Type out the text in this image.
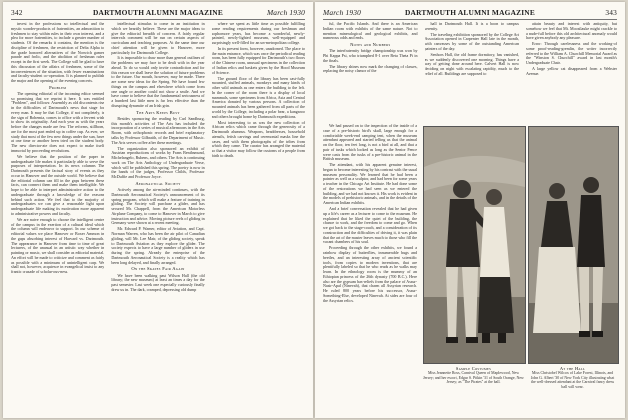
342	DARTMOUTH ALUMNI MAGAZINE	March 1930

invest in the professions so intellectual and the mystic wonder-products of fraternities, an admonition to freshmen to stay within rules in their own interest, and a plea for more fraternities, to include a greater number of students. Of the remarks it contains, the mention is the discipline of freshmen, the restriction of Delta Alpha to the grade honored alternatives of the Norwich games parade and frolic, and the abolition of freshman rules except in the first week. The College will be glad to have this discussion of the affairs of freshmen, some of the inconveniences of the situation, with fewer examinations and faculty-student co-operation. It is planned to publish the major and the opening of the evening concerts.

Problem

The opening editorial of the incoming editor seemed so promising that we reprint it here. It was entitled "Problem", and follows: Assembly as old discontents rise in the difficulties of Dartmouth's news that stage for every man. It may be that College, if not completely, is the sign of Bohemia, comes to office with a fervent wish to show its originality. And each year as with the years before the changes made are few. The reforms, stillborn, are for the most part ended up in coffee cup. As ever, we study that most of the few new things under the sun, have at one time or another been tried on the student body. The new director-ate does not expect to make itself immortal by proceeding revolutions.

We believe that the position of the paper in undergraduate life makes it particularly able to serve the purposes of interpretation. In its news columns The Dartmouth presents the factual story of events as they occur in Hanover and the outside world. We believe that the editorial column can fill in the gaps between these facts, can connect them and make them intelligible. We hope to be able to interpret administrative action to the undergraduate through a knowledge of the reasons behind such action. We feel that to the majority of undergraduates we can give a reasonable light upon undergraduate life making its motivation more apparent to administrative powers and faculty.

We are naive enough to choose the intelligent centre of the campus in the exertion of a cultural ideal which the column will endeavor to support. In our scheme of editorial values we place Hanover or Boxer Ammon in the gaps absorbing interest of Harvard vs. Dartmouth. The appearance in Hanover from time to time of great lecturers, of the unusual in an artistic way whether in painting or music, we shall consider as editorial material. An effort will be made to criticize and comment as fairly as possible with a minimum of unintelligent carp. We shall not, however, acquiesce in evangelical insist to any frantic crusade of scholar-ous-ness.

intellectual stimulus to come in an institution in which we heartily believe. These are the major ideas to give the editorial breadth of concern. A fairly regular intervals comment will be run on certain aspects of curriculum and teaching purposes. At the same time our chief attention will be given to Hanover, more particularly for Dartmouth College.

It is impossible to draw more than general outlines of the problems we may face to be dealt with in the year ahead. To do so would only invite contradiction and for this reason we shall leave the solution of future problems to the future. Our mouth, however, may be made. There are some new ideas for the Spring. We have found few things on the campus and elsewhere which come from one angle or another could not show a smile. And we have come to believe that the fundamental seriousness of a hundred last little men is far less effective than the disrupting dynamite of an Irish grin.

The Arts Keeps Busy

Besides sponsoring the reading by Carl Sandburg, this month's activities of The Arts has included the incorporation of a series of musical afternoons in the Arts Room, with orthophonic records and brief explanatory talks by Professor Gilbraith, of the Department of Music. The Arts serves coffee after these meetings.

The organization also sponsored an exhibit of Austrian reproductions of works by Frans Benthsmund, Michelangelo, Rubens, and others. The Arts is continuing work on The Arts Anthology of Undergraduate Verse, which will be published this spring. The poetry is now in the hands of the judges, Professor Childs, Professor McDuffie and Professor Joyce.

Aeronautical Society

Actively among the air-minded continues, with the Dartmouth Aeronautical Society's announcement of its spring program, which will make a feature of training in gliding. The Society will purchase a glider, and has secured Mr. Chappell, from the American Motorless Airplane Company, to come to Hanover in March to give instruction and advice. Moving picture reels of gliding in Germany were shown at a recent meeting.

Mr. Edward P. Warner, editor of Aviation, and Capt. Norman Warren, who has been the air pilot of Canadian gliding, will Mr. Lee Mair, of the gliding society, speak to Dartmouth Aviation as they explore the glider. The society expects to have a large number of gliders in use during the spring. Already the enterprise of the Dartmouth Aeronautical Society is a reality which has been long delayed, and finally arranged.

On the Skates Fair Again

We have been walking past Wilson Hall (the old library; the new museum) at least an times a day for the past semester. Last week one especially curiously finally drew us in. The dark, cramped, depressing old dump

where we spent as little time as possible fulfilling some reading requirements during our freshman and sophomore years, has become a wonderful, newly-painted, newly-lighted museum, well-equipped and surprisingly well-filled for an un-metropolitan college.

In its present form, however, unadorned. The place to the main entrance, which was once the periodical reading room, has been fully equipped for Dartmouth's two floors of the Chinese room, unusual specimens in the collection of Indian relics and baskets given by the Hood Museum of Science.

The ground floor of the library has been cast-fully mounted, stuffed animals, monkeys and many kinds of other wild animals as one enters the building to the left. In the corner of the room there is a display of local mammals, some specimens from Africa, Asia and Central America donated by various persons. A collection of mounted animals has been gathered from all parts of the world by the College, including a polar bear, a kangaroo and others brought home by Dartmouth expeditions.

Most interesting to us was the new collection of African relics which came through the generosity of a Dartmouth alumnus. Weapons, headdresses, household utensils, fetish carvings and ceremonial masks line the cases, and with them photographs of the tribes from which they came. The curator has arranged the material so that a visitor may follow the customs of a people from birth to death.

March 1930	DARTMOUTH ALUMNI MAGAZINE	343

ful, the Pacific Islands. And there is an American Indian room with exhibits of the same nature. Not to mention mineralogical and geological exhibits, and numerous odds and ends.

Notes and Numbers

The interfraternity bridge championship was won by Phi Kappa Psi, who triumphed 8-1 over Beta Theta Pi in the finals.

The library shines now mark the changing of classes, replacing the noisy clamor of the

hall in Dartmouth Hall. It is a boon to campus serenity.

The traveling exhibition sponsored by the College Art Association opened in Carpenter Hall late in the month, with canvasses by some of the outstanding American painters of the day.

Senhors Hall, the old frame dormitory, has vanished, as we suddenly discovered one morning. Things have a way of getting done around here. Calvert Hall is now deciding on night with escalating rapidity, much to the relief of all. Buildings are supposed to

attain beauty and interest with antiquity, but somehow we feel that Mt. Moosilauke might crackle to a nude-full before this old architectural anomaly would have given anybody any pleasure.

Error: Through carelessness and the working-of some proof-reading-gremlin, the writer incorrectly referred to the William A. Churchill Memorial Award as the "Winston S. Churchill" award in last month's Undergraduate Chair.

A large yellow cat disappeared from a Webster Avenue.

We had passed on to the inspection of the inside of a case of a pre-historic bird's skull, large enough for a comfortable week-end camping tent, when the museum attendant appeared and started telling us that the animal on the floor, ten feet long, is not a bird at all, and that a pair of tusks which looked as long as the Senior Fence were casts from the tusks of a pre-historic animal in the British museum.

The attendant, with his apparent genuine interest, began to become interesting by his contrast with the usual museum personality. We learned that he had been a painter as well as a sculptor, and had been for some years a teacher in the Chicago Art Institute. He had done some of the restorations we had seen as we entered the building, and we had not known it. His work is evident in the models of prehistoric animals, and in the details of the American Indian exhibits.

And a brief conversation revealed that he had given up a life's career as a lecturer to come to the museum. He explained that he liked the quiet of the building, the chance to work, and the freedom to come and go. When we got back to the stage-coach, and a consideration of its construction and the difficulties of driving it, it was plain that the art of the master leaves much to those who fill the vacant chambers of his soul.

Proceeding through the other exhibits, we found a rainbow display of butterflies, innumerable bugs and beetles, and an interesting array of ancient scientific tools, from copies to modern inventions, that are plentifully labeled so that he who reads as he walks may learn. In the ethnology room is the mummy of an Ethiopian princess of the 26th dynasty (700 B.C.). Here also are the gypsum bas-reliefs from the palace of Assur-Nasir-Apal (Ninevah), that charm all Assyrian research. He ruled 800 years before his successor, Assur-Something-Else, developed Ninevah. At sides are four of the Assyrian relics.

Sample Costumes
Miss Jeannette Ross, Carnival Queen of Maplewood, New Jersey; and her escort, Edgar S. Pitkin '31 of South Orange, New Jersey; as "The Pirates" at the ball.
At the Hall
Miss Christobel Wilcox of Lake Forest, Illinois, and John G. Albert '30 of New York City illustrating what the well-dressed attendant at the Carnival fancy dress ball will wear.
